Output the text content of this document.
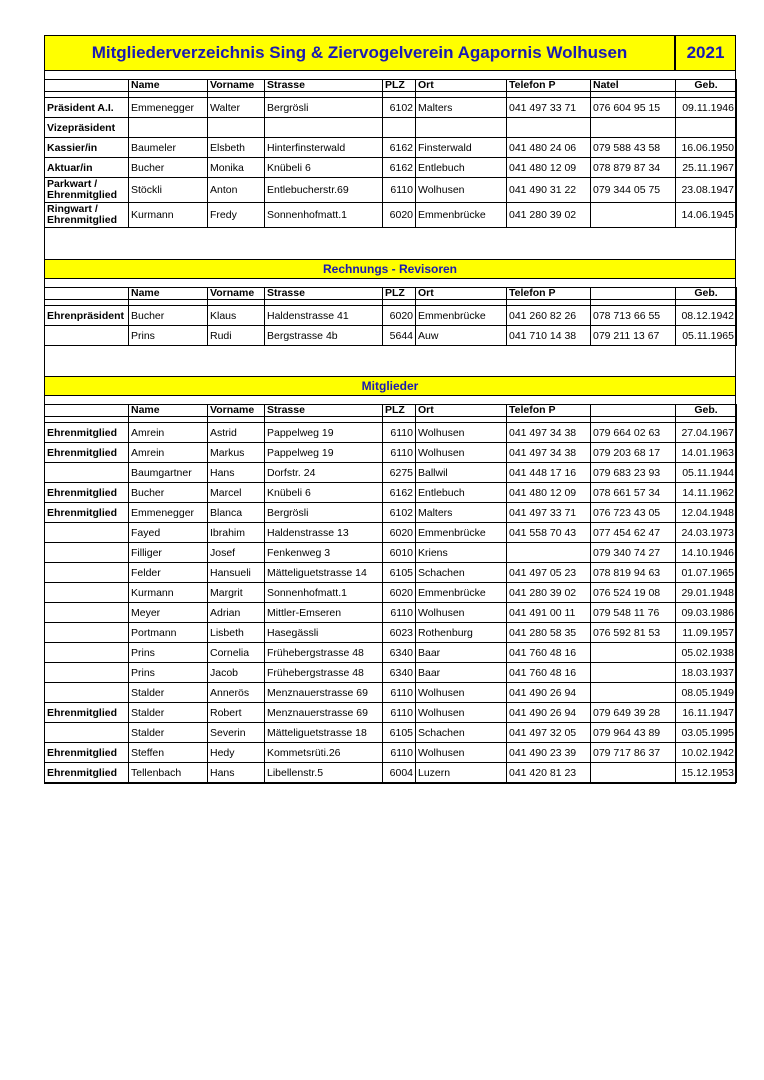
Mitgliederverzeichnis Sing & Ziervogelverein Agapornis Wolhusen	2021
	Name	Vorname	Strasse	PLZ	Ort	Telefon P	Natel	Geb.

Präsident A.I.	Emmenegger	Walter	Bergrösli	6102	Malters	041 497 33 71	076 604 95 15	09.11.1946
Vizepräsident								
Kassier/in	Baumeler	Elsbeth	Hinterfinsterwald	6162	Finsterwald	041 480 24 06	079 588 43 58	16.06.1950
Aktuar/in	Bucher	Monika	Knübeli 6	6162	Entlebuch	041 480 12 09	078 879 87 34	25.11.1967
Parkwart / Ehrenmitglied	Stöckli	Anton	Entlebucherstr.69	6110	Wolhusen	041 490 31 22	079 344 05 75	23.08.1947
Ringwart / Ehrenmitglied	Kurmann	Fredy	Sonnenhofmatt.1	6020	Emmenbrücke	041 280 39 02		14.06.1945
Rechnungs - Revisoren
	Name	Vorname	Strasse	PLZ	Ort	Telefon P		Geb.

Ehrenpräsident	Bucher	Klaus	Haldenstrasse 41	6020	Emmenbrücke	041 260 82 26	078 713 66 55	08.12.1942
	Prins	Rudi	Bergstrasse 4b	5644	Auw	041 710 14 38	079 211 13 67	05.11.1965
Mitglieder
	Name	Vorname	Strasse	PLZ	Ort	Telefon P		Geb.

Ehrenmitglied	Amrein	Astrid	Pappelweg 19	6110	Wolhusen	041 497 34 38	079 664 02 63	27.04.1967
Ehrenmitglied	Amrein	Markus	Pappelweg 19	6110	Wolhusen	041 497 34 38	079 203 68 17	14.01.1963
	Baumgartner	Hans	Dorfstr. 24	6275	Ballwil	041 448 17 16	079 683 23 93	05.11.1944
Ehrenmitglied	Bucher	Marcel	Knübeli 6	6162	Entlebuch	041 480 12 09	078 661 57 34	14.11.1962
Ehrenmitglied	Emmenegger	Blanca	Bergrösli	6102	Malters	041 497 33 71	076 723 43 05	12.04.1948
	Fayed	Ibrahim	Haldenstrasse 13	6020	Emmenbrücke	041 558 70 43	077 454 62 47	24.03.1973
	Filliger	Josef	Fenkenweg 3	6010	Kriens		079 340 74 27	14.10.1946
	Felder	Hansueli	Mätteliguetstrasse 14	6105	Schachen	041 497 05 23	078 819 94 63	01.07.1965
	Kurmann	Margrit	Sonnenhofmatt.1	6020	Emmenbrücke	041 280 39 02	076 524 19 08	29.01.1948
	Meyer	Adrian	Mittler-Emseren	6110	Wolhusen	041 491 00 11	079 548 11 76	09.03.1986
	Portmann	Lisbeth	Hasegässli	6023	Rothenburg	041 280 58 35	076 592 81 53	11.09.1957
	Prins	Cornelia	Frühebergstrasse 48	6340	Baar	041 760 48 16		05.02.1938
	Prins	Jacob	Frühebergstrasse 48	6340	Baar	041 760 48 16		18.03.1937
	Stalder	Annerös	Menznauerstrasse 69	6110	Wolhusen	041 490 26 94		08.05.1949
Ehrenmitglied	Stalder	Robert	Menznauerstrasse 69	6110	Wolhusen	041 490 26 94	079 649 39 28	16.11.1947
	Stalder	Severin	Mätteliguetstrasse 18	6105	Schachen	041 497 32 05	079 964 43 89	03.05.1995
Ehrenmitglied	Steffen	Hedy	Kommetsrüti.26	6110	Wolhusen	041 490 23 39	079 717 86 37	10.02.1942
Ehrenmitglied	Tellenbach	Hans	Libellenstr.5	6004	Luzern	041 420 81 23		15.12.1953
